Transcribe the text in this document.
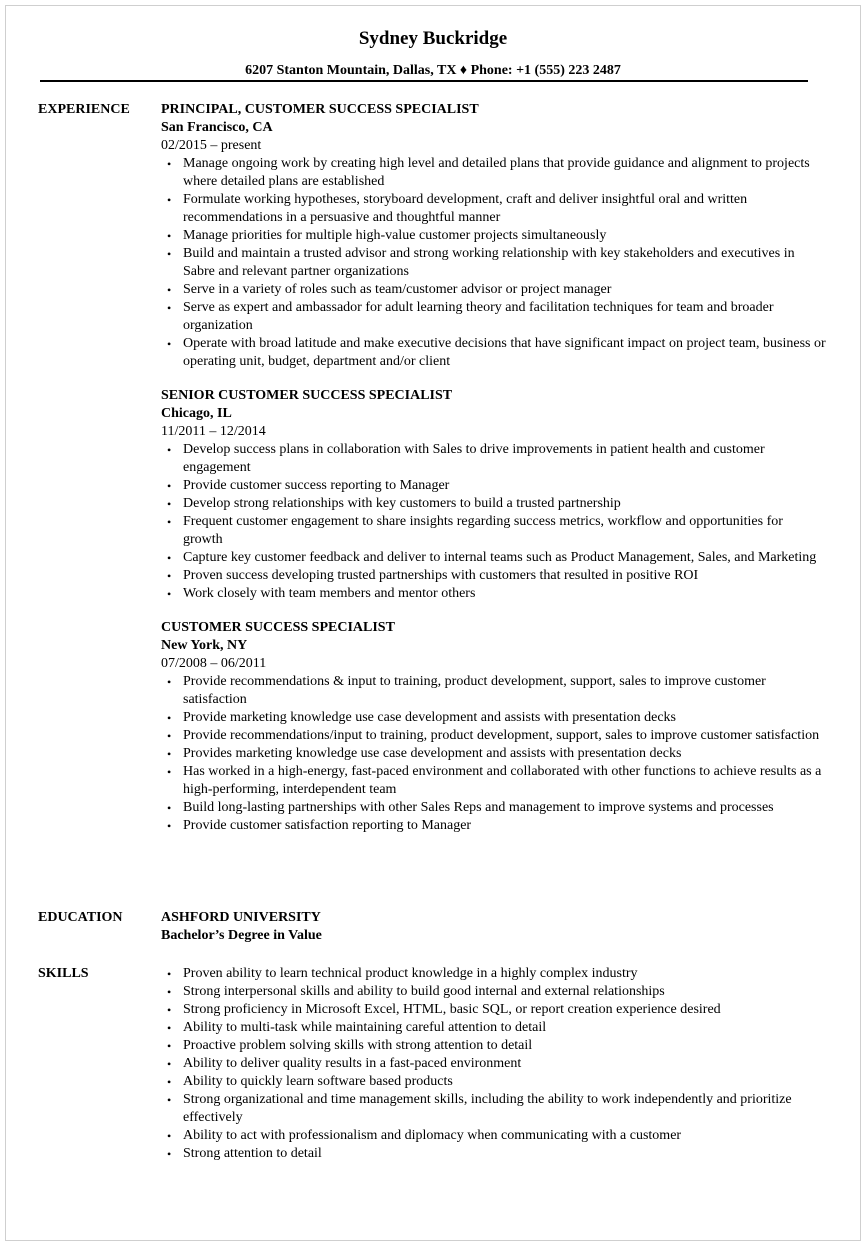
Sydney Buckridge
6207 Stanton Mountain, Dallas, TX ♦ Phone: +1 (555) 223 2487
EXPERIENCE	PRINCIPAL, CUSTOMER SUCCESS SPECIALIST
San Francisco, CA
02/2015 – present
• Manage ongoing work by creating high level and detailed plans that provide guidance and alignment to projects where detailed plans are established
• Formulate working hypotheses, storyboard development, craft and deliver insightful oral and written recommendations in a persuasive and thoughtful manner
• Manage priorities for multiple high-value customer projects simultaneously
• Build and maintain a trusted advisor and strong working relationship with key stakeholders and executives in Sabre and relevant partner organizations
• Serve in a variety of roles such as team/customer advisor or project manager
• Serve as expert and ambassador for adult learning theory and facilitation techniques for team and broader organization
• Operate with broad latitude and make executive decisions that have significant impact on project team, business or operating unit, budget, department and/or client
SENIOR CUSTOMER SUCCESS SPECIALIST
Chicago, IL
11/2011 – 12/2014
• Develop success plans in collaboration with Sales to drive improvements in patient health and customer engagement
• Provide customer success reporting to Manager
• Develop strong relationships with key customers to build a trusted partnership
• Frequent customer engagement to share insights regarding success metrics, workflow and opportunities for growth
• Capture key customer feedback and deliver to internal teams such as Product Management, Sales, and Marketing
• Proven success developing trusted partnerships with customers that resulted in positive ROI
• Work closely with team members and mentor others
CUSTOMER SUCCESS SPECIALIST
New York, NY
07/2008 – 06/2011
• Provide recommendations & input to training, product development, support, sales to improve customer satisfaction
• Provide marketing knowledge use case development and assists with presentation decks
• Provide recommendations/input to training, product development, support, sales to improve customer satisfaction
• Provides marketing knowledge use case development and assists with presentation decks
• Has worked in a high-energy, fast-paced environment and collaborated with other functions to achieve results as a high-performing, interdependent team
• Build long-lasting partnerships with other Sales Reps and management to improve systems and processes
• Provide customer satisfaction reporting to Manager
EDUCATION	ASHFORD UNIVERSITY
Bachelor’s Degree in Value
SKILLS	• Proven ability to learn technical product knowledge in a highly complex industry
• Strong interpersonal skills and ability to build good internal and external relationships
• Strong proficiency in Microsoft Excel, HTML, basic SQL, or report creation experience desired
• Ability to multi-task while maintaining careful attention to detail
• Proactive problem solving skills with strong attention to detail
• Ability to deliver quality results in a fast-paced environment
• Ability to quickly learn software based products
• Strong organizational and time management skills, including the ability to work independently and prioritize effectively
• Ability to act with professionalism and diplomacy when communicating with a customer
• Strong attention to detail
